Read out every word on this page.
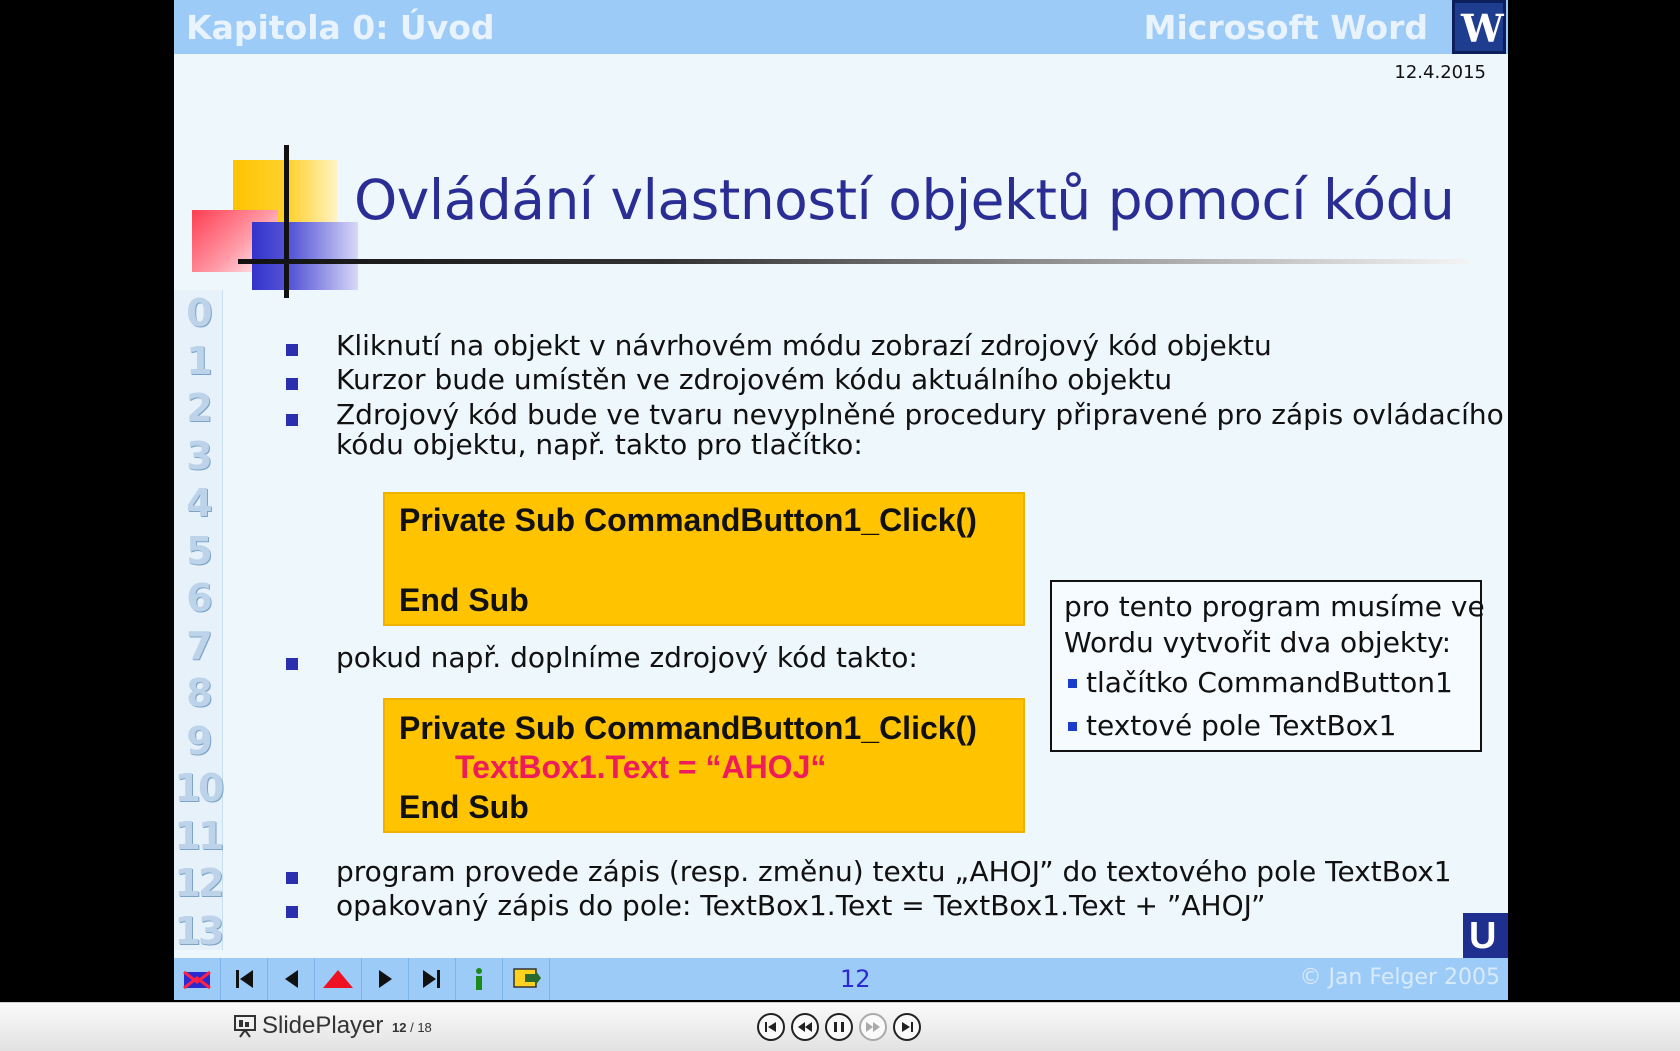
Kapitola 0: Úvod	Microsoft Word W
12.4.2015
Ovládání vlastností objektů pomocí kódu
0
1
2
3
4
5
6
7
8
9
10
11
12
13
Kliknutí na objekt v návrhovém módu zobrazí zdrojový kód objektu
Kurzor bude umístěn ve zdrojovém kódu aktuálního objektu
Zdrojový kód bude ve tvaru nevyplněné procedury připravené pro zápis ovládacího
kódu objektu, např. takto pro tlačítko:
Private Sub CommandButton1_Click()
End Sub
pokud např. doplníme zdrojový kód takto:
Private Sub CommandButton1_Click()
TextBox1.Text = “AHOJ“
End Sub
pro tento program musíme ve
Wordu vytvořit dva objekty:
tlačítko CommandButton1
textové pole TextBox1
program provede zápis (resp. změnu) textu „AHOJ” do textového pole TextBox1
opakovaný zápis do pole: TextBox1.Text = TextBox1.Text + ”AHOJ”
U
12	© Jan Felger 2005
SlidePlayer 12 / 18
